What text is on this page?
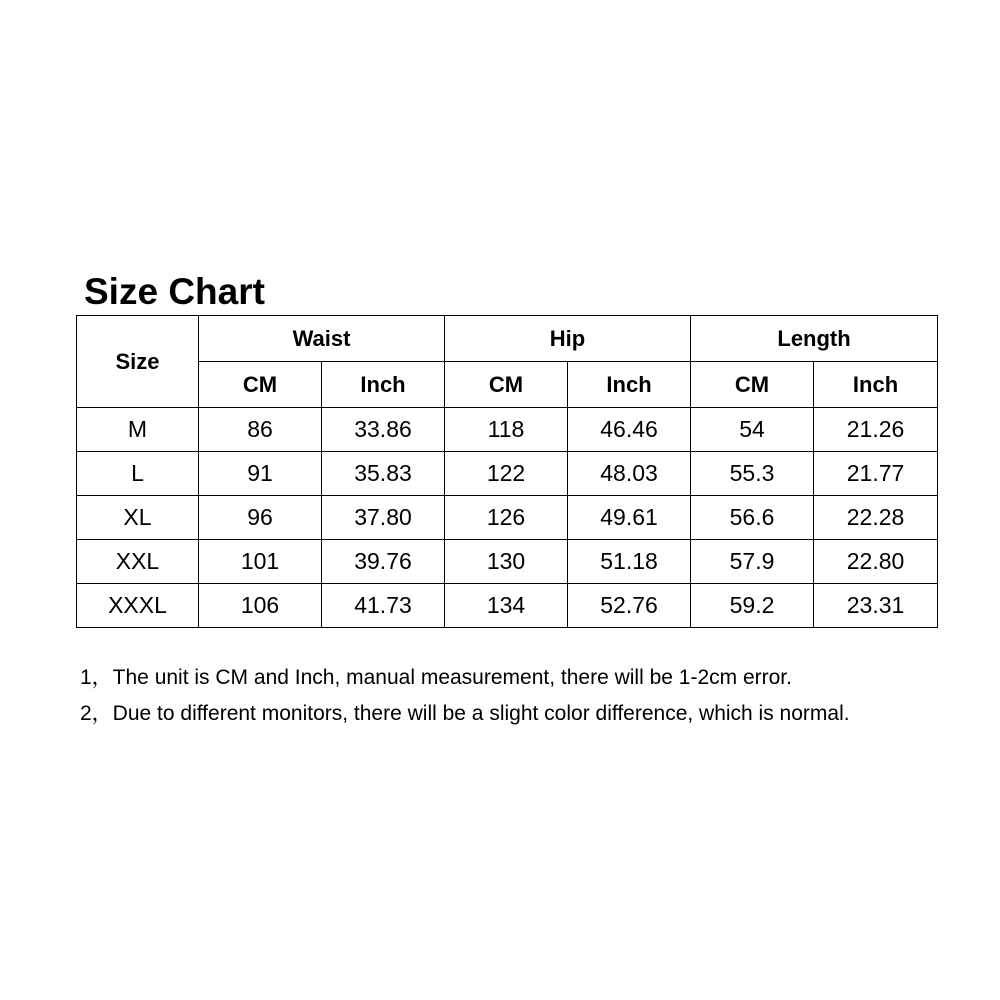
Size Chart
Size	Waist		Hip		Length	
	CM	Inch	CM	Inch	CM	Inch
M	86	33.86	118	46.46	54	21.26
L	91	35.83	122	48.03	55.3	21.77
XL	96	37.80	126	49.61	56.6	22.28
XXL	101	39.76	130	51.18	57.9	22.80
XXXL	106	41.73	134	52.76	59.2	23.31
1，The unit is CM and Inch, manual measurement, there will be 1-2cm error.
2，Due to different monitors, there will be a slight color difference, which is normal.
